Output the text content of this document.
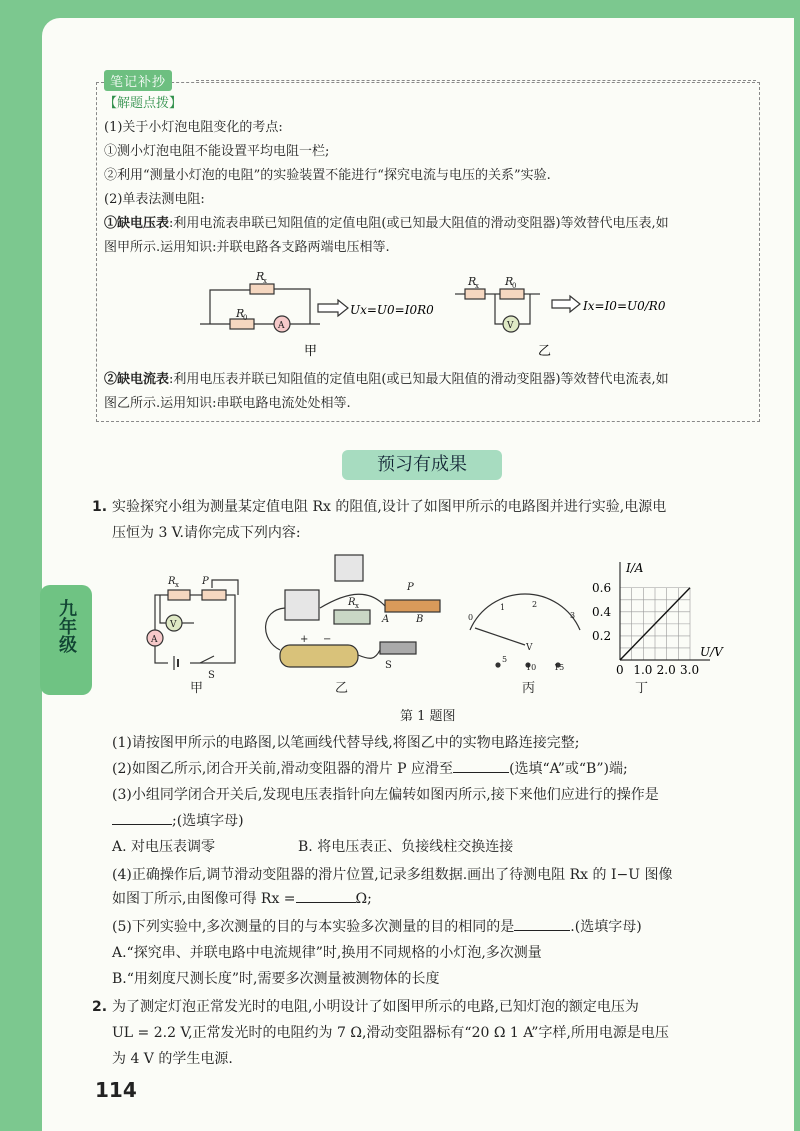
九年级
笔记补抄
【解题点拨】
(1)关于小灯泡电阻变化的考点:
①测小灯泡电阻不能设置平均电阻一栏;
②利用“测量小灯泡的电阻”的实验装置不能进行“探究电流与电压的关系”实验.
(2)单表法测电阻:
①缺电压表:利用电流表串联已知阻值的定值电阻(或已知最大阻值的滑动变阻器)等效替代电压表,如
图甲所示.运用知识:并联电路各支路两端电压相等.
R
x
R
0
A
R
x R
0
V
Ux=U0=I0R0	Ix=I0=U0/R0
甲	乙
②缺电流表:利用电压表并联已知阻值的定值电阻(或已知最大阻值的滑动变阻器)等效替代电流表,如
图乙所示.运用知识:串联电路电流处处相等.
预习有成果
1. 实验探究小组为测量某定值电阻 Rx 的阻值,设计了如图甲所示的电路图并进行实验,电源电
压恒为 3 V.请你完成下列内容:
R x P
V
A
S
R x
P
A	B
S
+ −
V
0
1	2
3
5
10 15
0.6
0.4
0.2
0 1.0 2.0 3.0
U/V
I/A
甲	乙	丙	丁
第 1 题图
(1)请按图甲所示的电路图,以笔画线代替导线,将图乙中的实物电路连接完整;
(2)如图乙所示,闭合开关前,滑动变阻器的滑片 P 应滑至	(选填“A”或“B”)端;
(3)小组同学闭合开关后,发现电压表指针向左偏转如图丙所示,接下来他们应进行的操作是
;(选填字母)
A. 对电压表调零	B. 将电压表正、负接线柱交换连接
(4)正确操作后,调节滑动变阻器的滑片位置,记录多组数据.画出了待测电阻 Rx 的 I−U 图像
如图丁所示,由图像可得 Rx =	Ω;
(5)下列实验中,多次测量的目的与本实验多次测量的目的相同的是	.(选填字母)
A.“探究串、并联电路中电流规律”时,换用不同规格的小灯泡,多次测量
B.“用刻度尺测长度”时,需要多次测量被测物体的长度
2. 为了测定灯泡正常发光时的电阻,小明设计了如图甲所示的电路,已知灯泡的额定电压为
UL = 2.2 V,正常发光时的电阻约为 7 Ω,滑动变阻器标有“20 Ω 1 A”字样,所用电源是电压
为 4 V 的学生电源.
114
